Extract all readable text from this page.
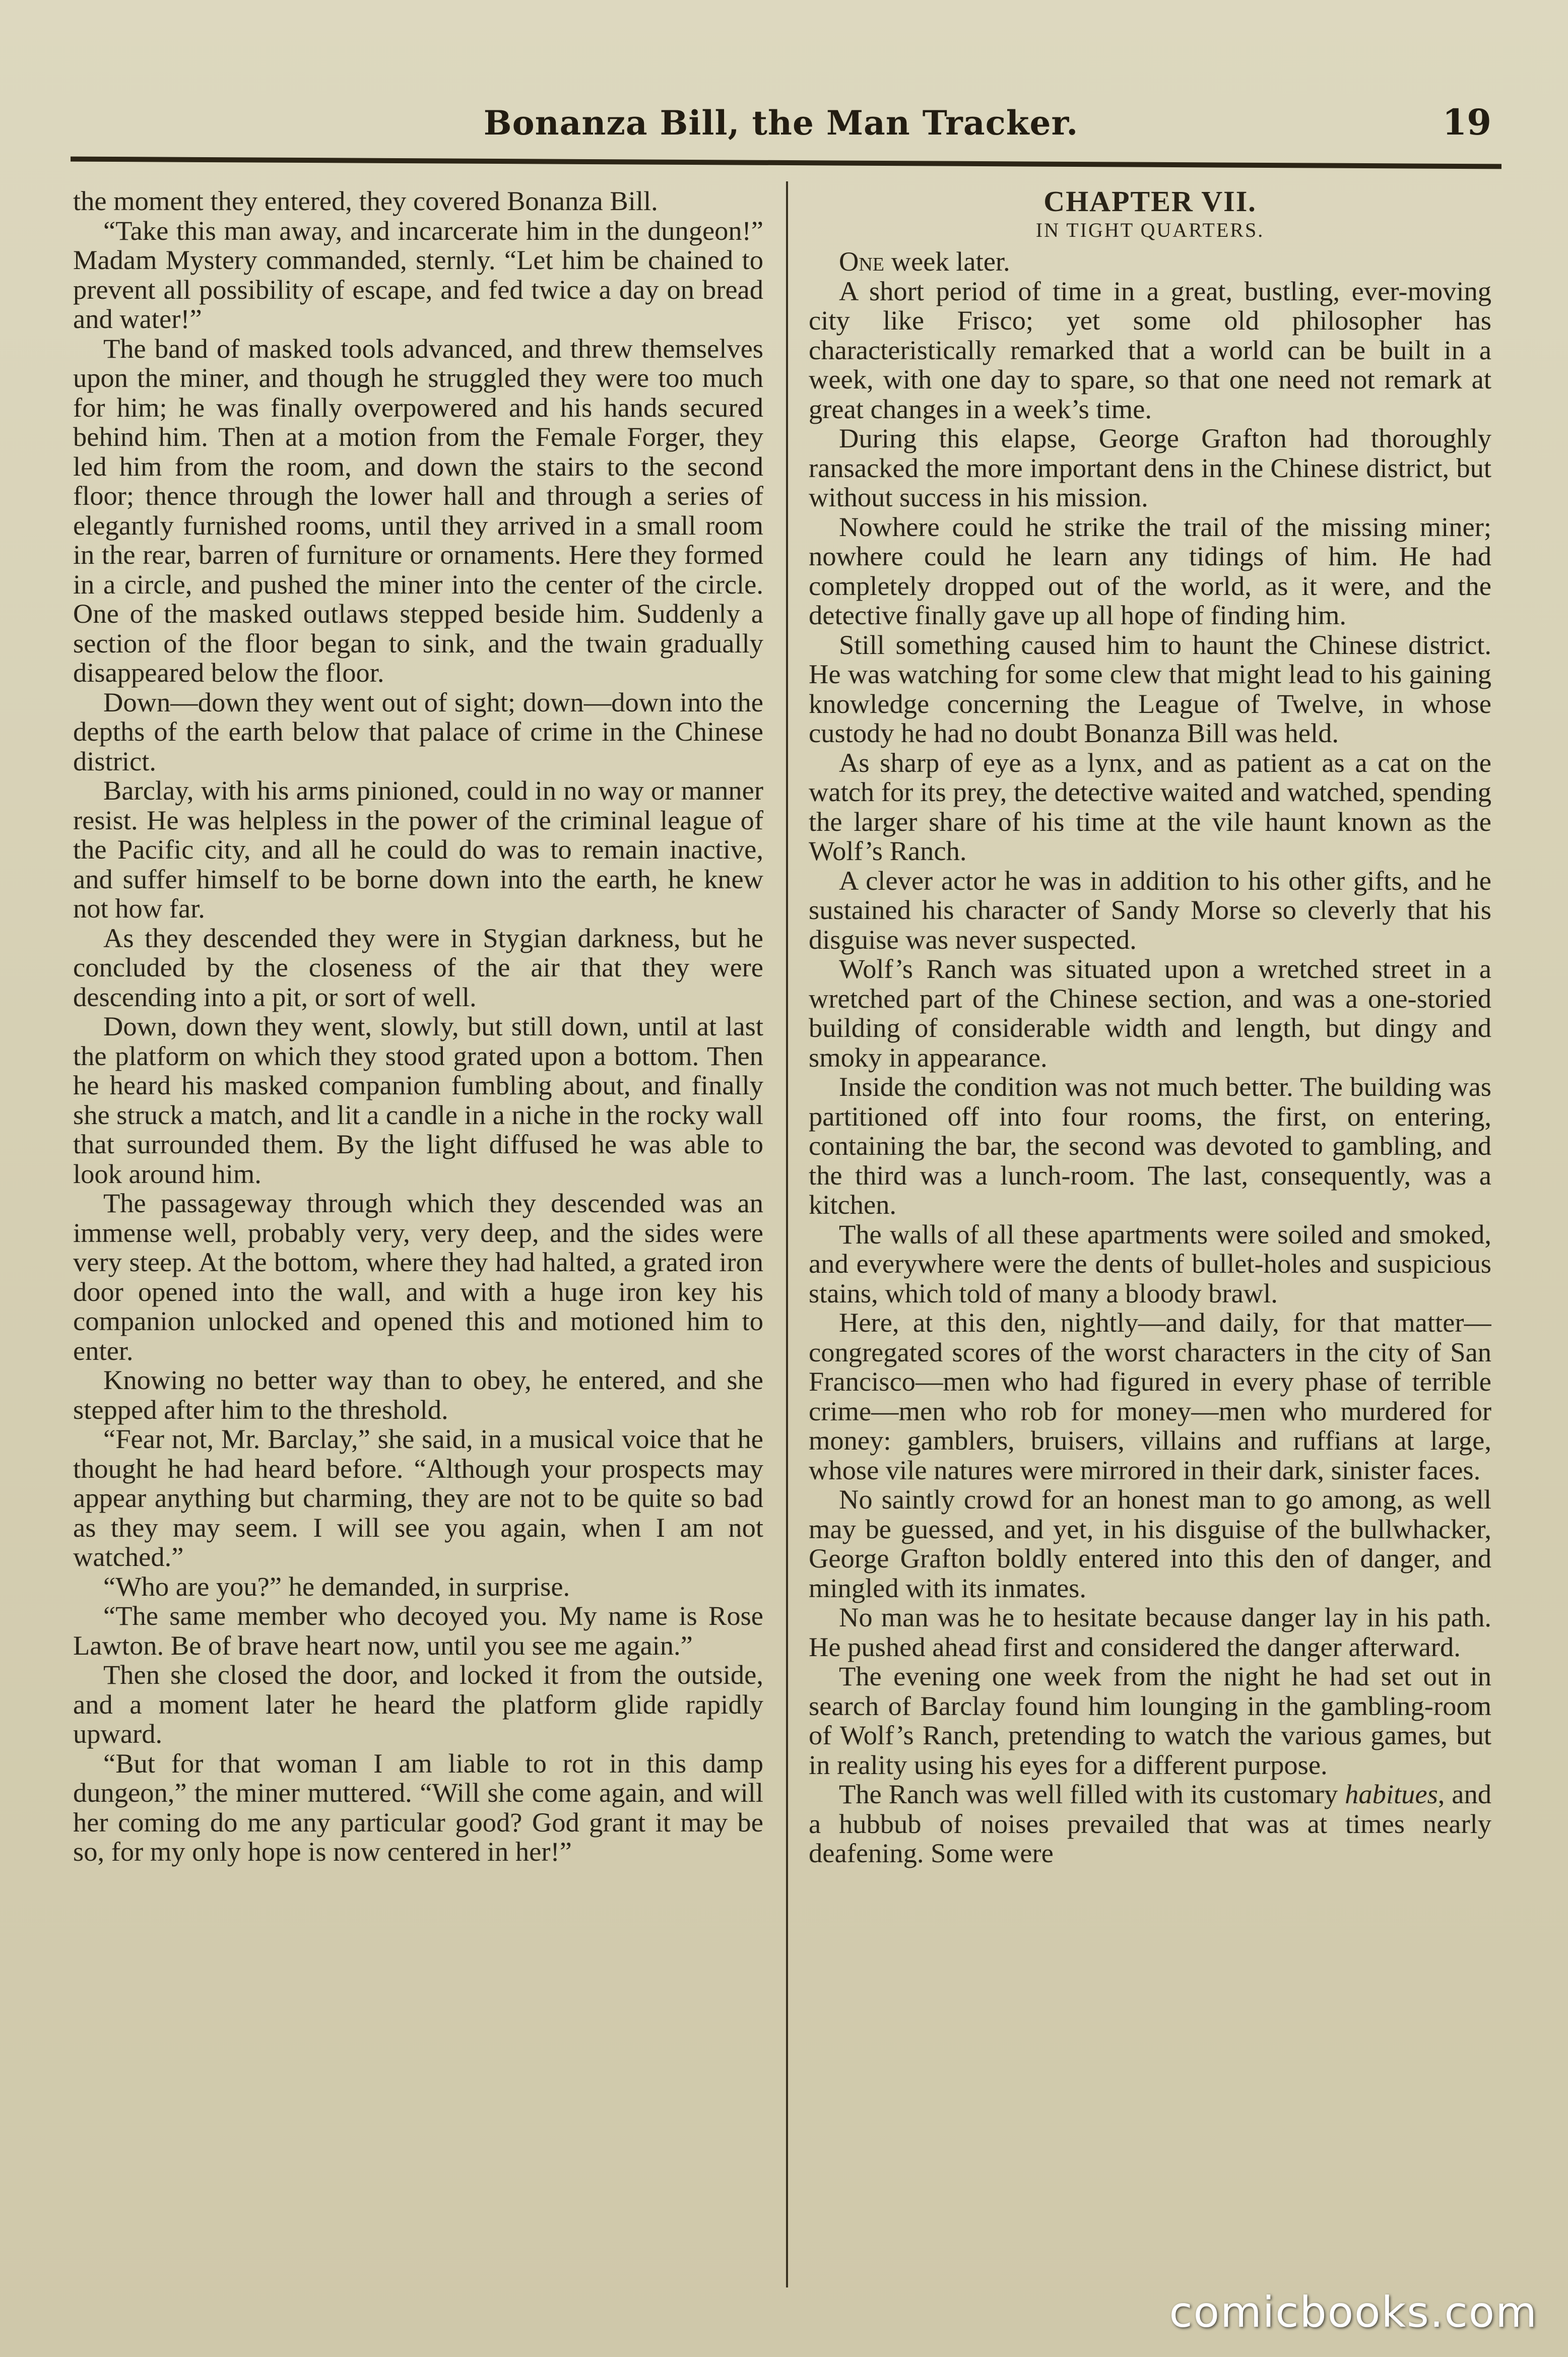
Bonanza Bill, the Man Tracker.	19

the moment they entered, they covered Bonanza Bill.

“Take this man away, and incarcerate him in the dungeon!” Madam Mystery commanded, sternly. “Let him be chained to prevent all possibility of escape, and fed twice a day on bread and water!”

The band of masked tools advanced, and threw themselves upon the miner, and though he struggled they were too much for him; he was finally overpowered and his hands secured behind him. Then at a motion from the Female Forger, they led him from the room, and down the stairs to the second floor; thence through the lower hall and through a series of elegantly furnished rooms, until they arrived in a small room in the rear, barren of furniture or ornaments. Here they formed in a circle, and pushed the miner into the center of the circle. One of the masked outlaws stepped beside him. Suddenly a section of the floor began to sink, and the twain gradually disappeared below the floor.

Down—down they went out of sight; down—down into the depths of the earth below that palace of crime in the Chinese district.

Barclay, with his arms pinioned, could in no way or manner resist. He was helpless in the power of the criminal league of the Pacific city, and all he could do was to remain inactive, and suffer himself to be borne down into the earth, he knew not how far.

As they descended they were in Stygian darkness, but he concluded by the closeness of the air that they were descending into a pit, or sort of well.

Down, down they went, slowly, but still down, until at last the platform on which they stood grated upon a bottom. Then he heard his masked companion fumbling about, and finally she struck a match, and lit a candle in a niche in the rocky wall that surrounded them. By the light diffused he was able to look around him.

The passageway through which they descended was an immense well, probably very, very deep, and the sides were very steep. At the bottom, where they had halted, a grated iron door opened into the wall, and with a huge iron key his companion unlocked and opened this and motioned him to enter.

Knowing no better way than to obey, he entered, and she stepped after him to the threshold.

“Fear not, Mr. Barclay,” she said, in a musical voice that he thought he had heard before. “Although your prospects may appear anything but charming, they are not to be quite so bad as they may seem. I will see you again, when I am not watched.”

“Who are you?” he demanded, in surprise.

“The same member who decoyed you. My name is Rose Lawton. Be of brave heart now, until you see me again.”

Then she closed the door, and locked it from the outside, and a moment later he heard the platform glide rapidly upward.

“But for that woman I am liable to rot in this damp dungeon,” the miner muttered. “Will she come again, and will her coming do me any particular good? God grant it may be so, for my only hope is now centered in her!”

CHAPTER VII.
IN TIGHT QUARTERS.

One week later.

A short period of time in a great, bustling, ever-moving city like Frisco; yet some old philosopher has characteristically remarked that a world can be built in a week, with one day to spare, so that one need not remark at great changes in a week’s time.

During this elapse, George Grafton had thoroughly ransacked the more important dens in the Chinese district, but without success in his mission.

Nowhere could he strike the trail of the missing miner; nowhere could he learn any tidings of him. He had completely dropped out of the world, as it were, and the detective finally gave up all hope of finding him.

Still something caused him to haunt the Chinese district. He was watching for some clew that might lead to his gaining knowledge concerning the League of Twelve, in whose custody he had no doubt Bonanza Bill was held.

As sharp of eye as a lynx, and as patient as a cat on the watch for its prey, the detective waited and watched, spending the larger share of his time at the vile haunt known as the Wolf’s Ranch.

A clever actor he was in addition to his other gifts, and he sustained his character of Sandy Morse so cleverly that his disguise was never suspected.

Wolf’s Ranch was situated upon a wretched street in a wretched part of the Chinese section, and was a one-storied building of considerable width and length, but dingy and smoky in appearance.

Inside the condition was not much better. The building was partitioned off into four rooms, the first, on entering, containing the bar, the second was devoted to gambling, and the third was a lunch-room. The last, consequently, was a kitchen.

The walls of all these apartments were soiled and smoked, and everywhere were the dents of bullet-holes and suspicious stains, which told of many a bloody brawl.

Here, at this den, nightly—and daily, for that matter—congregated scores of the worst characters in the city of San Francisco—men who had figured in every phase of terrible crime—men who rob for money—men who murdered for money: gamblers, bruisers, villains and ruffians at large, whose vile natures were mirrored in their dark, sinister faces.

No saintly crowd for an honest man to go among, as well may be guessed, and yet, in his disguise of the bullwhacker, George Grafton boldly entered into this den of danger, and mingled with its inmates.

No man was he to hesitate because danger lay in his path. He pushed ahead first and considered the danger afterward.

The evening one week from the night he had set out in search of Barclay found him lounging in the gambling-room of Wolf’s Ranch, pretending to watch the various games, but in reality using his eyes for a different purpose.

The Ranch was well filled with its customary habitues, and a hubbub of noises prevailed that was at times nearly deafening. Some were

comicbooks.com
